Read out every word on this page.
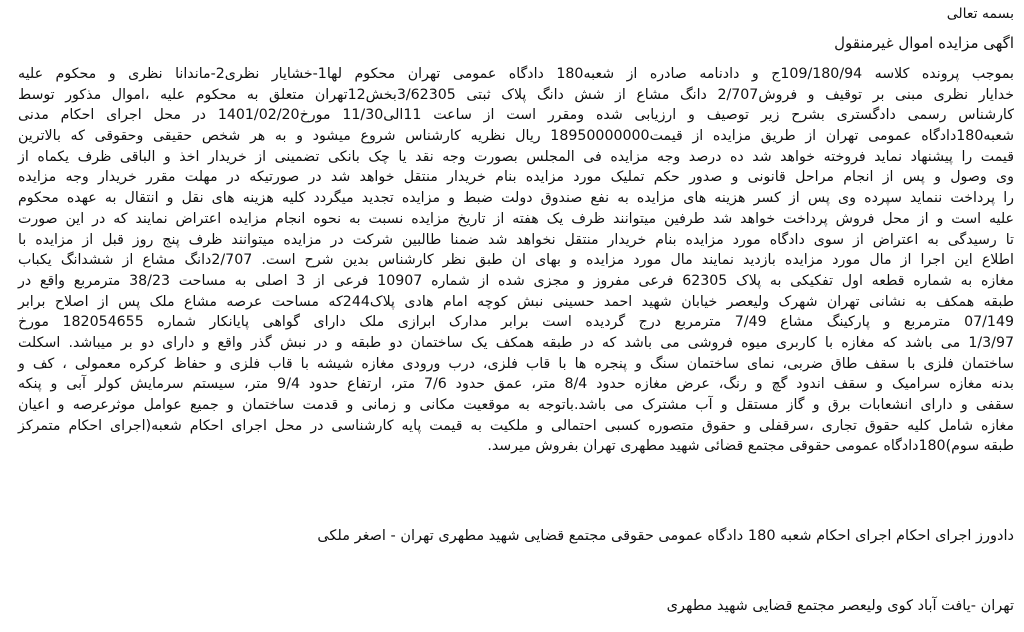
بسمه تعالی
اگهی مزایده اموال غیرمنقول
بموجب پرونده کلاسه 109/180/94ج و دادنامه صادره از شعبه180 دادگاه عمومی تهران محکوم لها1-خشایار نظری2-ماندانا نظری و محکوم علیه
خدایار نظری مبنی بر توقیف و فروش2/707 دانگ مشاع از شش دانگ پلاک ثبتی 3/62305بخش12تهران متعلق به محکوم علیه ،اموال مذکور توسط
کارشناس رسمی دادگستری بشرح زیر توصیف و ارزیابی شده ومقرر است از ساعت 11الی11/30 مورخ1401/02/20 در محل اجرای احکام مدنی
شعبه180دادگاه عمومی تهران از طریق مزایده از قیمت18950000000 ریال نظریه کارشناس شروع میشود و به هر شخص حقیقی وحقوقی که بالاترین
قیمت را پیشنهاد نماید فروخته خواهد شد ده درصد وجه مزایده فی المجلس بصورت وجه نقد یا چک بانکی تضمینی از خریدار اخذ و الباقی ظرف یکماه از
وی وصول و پس از انجام مراحل قانونی و صدور حکم تملیک مورد مزایده بنام خریدار منتقل خواهد شد در صورتیکه در مهلت مقرر خریدار وجه مزایده
را پرداخت ننماید سپرده وی پس از کسر هزینه های مزایده به نفع صندوق دولت ضبط و مزایده تجدید میگردد کلیه هزینه های نقل و انتقال به عهده محکوم
علیه است و از محل فروش پرداخت خواهد شد طرفین میتوانند ظرف یک هفته از تاریخ مزایده نسبت به نحوه انجام مزایده اعتراض نمایند که در این صورت
تا رسیدگی به اعتراض از سوی دادگاه مورد مزایده بنام خریدار منتقل نخواهد شد ضمنا طالبین شرکت در مزایده میتوانند ظرف پنج روز قبل از مزایده با
اطلاع این اجرا از مال مورد مزایده بازدید نمایند مال مورد مزایده و بهای ان طبق نظر کارشناس بدین شرح است. 2/707دانگ مشاع از ششدانگ یکباب
مغازه به شماره قطعه اول تفکیکی به پلاک 62305 فرعی مفروز و مجزی شده از شماره 10907 فرعی از 3 اصلی به مساحت 38/23 مترمربع واقع در
طبقه همکف به نشانی تهران شهرک ولیعصر خیابان شهید احمد حسینی نبش کوچه امام هادی پلاک244که مساحت عرصه مشاع ملک پس از اصلاح برابر
07/149 مترمربع و پارکینگ مشاع 7/49 مترمربع درج گردیده است برابر مدارک ابرازی ملک دارای گواهی پایانکار شماره 182054655 مورخ
1/3/97 می باشد که مغازه با کاربری میوه فروشی می باشد که در طبقه همکف یک ساختمان دو طبقه و در نبش گذر واقع و دارای دو بر میباشد. اسکلت
ساختمان فلزی با سقف طاق ضربی، نمای ساختمان سنگ و پنجره ها با قاب فلزی، درب ورودی مغازه شیشه با قاب فلزی و حفاظ کرکره معمولی ، کف و
بدنه مغازه سرامیک و سقف اندود گچ و رنگ، عرض مغازه حدود 8/4 متر، عمق حدود 7/6 متر، ارتفاع حدود 9/4 متر، سیستم سرمایش کولر آبی و پنکه
سقفی و دارای انشعابات برق و گاز مستقل و آب مشترک می باشد.باتوجه به موقعیت مکانی و زمانی و قدمت ساختمان و جمیع عوامل موثرعرصه و اعیان
مغازه شامل کلیه حقوق تجاری ،سرقفلی و حقوق متصوره کسبی احتمالی و ملکیت به قیمت پایه کارشناسی در محل اجرای احکام شعبه(اجرای احکام متمرکز
طبقه سوم)180دادگاه عمومی حقوقی مجتمع قضائی شهید مطهری تهران بفروش میرسد.
دادورز اجرای احکام اجرای احکام شعبه 180 دادگاه عمومی حقوقی مجتمع قضایی شهید مطهری تهران - اصغر ملکی
تهران -یافت آباد کوی ولیعصر مجتمع قضایی شهید مطهری
